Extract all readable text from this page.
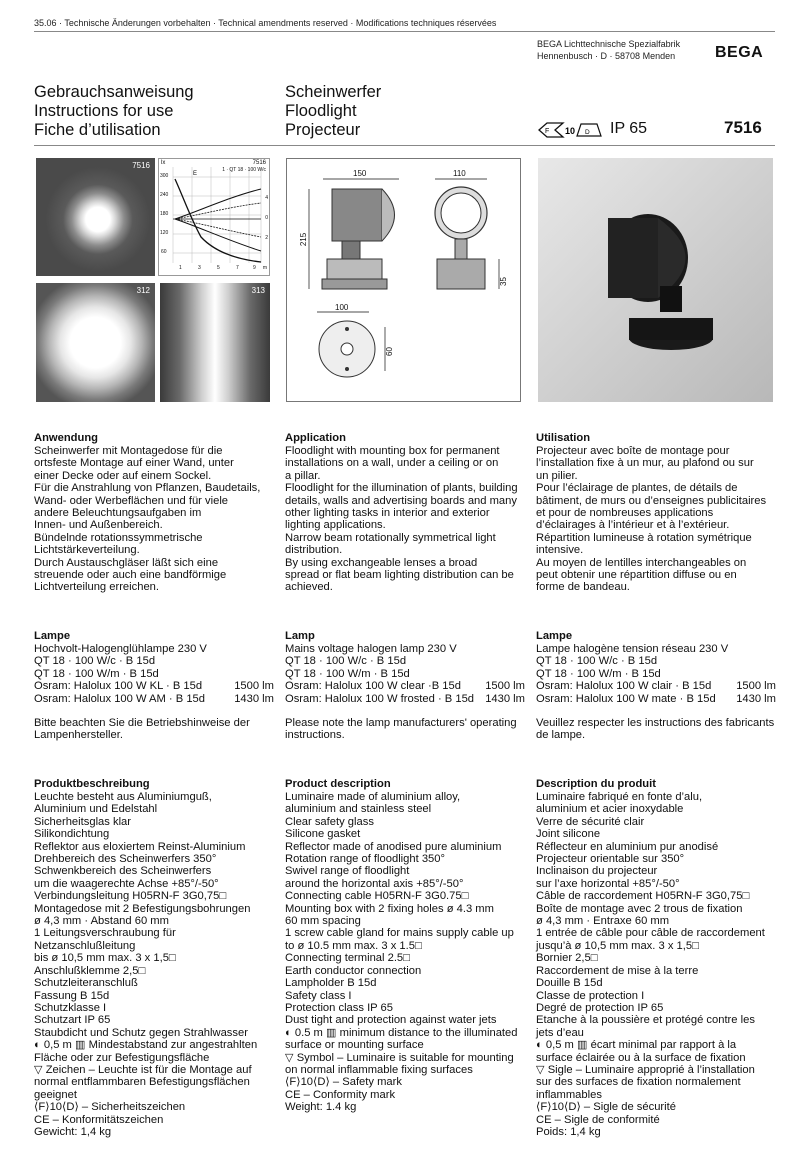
35.06 · Technische Änderungen vorbehalten · Technical amendments reserved · Modifications techniques réservées
BEGA Lichttechnische Spezialfabrik
Hennenbusch · D · 58708 Menden	BEGA
Gebrauchsanweisung
Instructions for use
Fiche d’utilisation
Scheinwerfer
Floodlight
Projecteur	F 10 D IP 65	7516
7516 lx	7516
1 · QT 18 · 100 W/c
E
300
240
180
120
60
4
0
2
1	3	5	7	9 m
312	313
150	110
215
35
100
60
Anwendung

Scheinwerfer mit Montagedose für die
ortsfeste Montage auf einer Wand, unter
einer Decke oder auf einem Sockel.
Für die Anstrahlung von Pflanzen, Baudetails,
Wand- oder Werbeflächen und für viele
andere Beleuchtungsaufgaben im
Innen- und Außenbereich.
Bündelnde rotationssymmetrische
Lichtstärkeverteilung.
Durch Austauschgläser läßt sich eine
streuende oder auch eine bandförmige
Lichtverteilung erreichen.

Lampe
Hochvolt-Halogenglühlampe 230 V
QT 18 · 100 W/c · B 15d
QT 18 · 100 W/m · B 15d
Osram: Halolux 100 W KL · B 15d	1500 lm
Osram: Halolux 100 W AM · B 15d	1430 lm

Bitte beachten Sie die Betriebshinweise der
Lampenhersteller.

Produktbeschreibung

Leuchte besteht aus Aluminiumguß,
Aluminium und Edelstahl
Sicherheitsglas klar
Silikondichtung
Reflektor aus eloxiertem Reinst-Aluminium
Drehbereich des Scheinwerfers 350°
Schwenkbereich des Scheinwerfers
um die waagerechte Achse +85°/-50°
Verbindungsleitung H05RN-F 3G0,75□
Montagedose mit 2 Befestigungsbohrungen
ø 4,3 mm · Abstand 60 mm
1 Leitungsverschraubung für
Netzanschlußleitung
bis ø 10,5 mm max. 3 x 1,5□
Anschlußklemme 2,5□
Schutzleiteranschluß
Fassung B 15d
Schutzklasse I
Schutzart IP 65
Staubdicht und Schutz gegen Strahlwasser
◐ 0,5 m ▥ Mindestabstand zur angestrahlten
Fläche oder zur Befestigungsfläche
▽ Zeichen – Leuchte ist für die Montage auf
normal entflammbaren Befestigungsflächen
geeignet
⟨F⟩10⟨D⟩ – Sicherheitszeichen
CE – Konformitätszeichen
Gewicht: 1,4 kg

Application

Floodlight with mounting box for permanent
installations on a wall, under a ceiling or on
a pillar.
Floodlight for the illumination of plants, building
details, walls and advertising boards and many
other lighting tasks in interior and exterior
lighting applications.
Narrow beam rotationally symmetrical light
distribution.
By using exchangeable lenses a broad
spread or flat beam lighting distribution can be
achieved.

Lamp
Mains voltage halogen lamp 230 V
QT 18 · 100 W/c · B 15d
QT 18 · 100 W/m · B 15d
Osram: Halolux 100 W clear ·B 15d 1500 lm
Osram: Halolux 100 W frosted · B 15d 1430 lm

Please note the lamp manufacturers' operating
instructions.

Product description

Luminaire made of aluminium alloy,
aluminium and stainless steel
Clear safety glass
Silicone gasket
Reflector made of anodised pure aluminium
Rotation range of floodlight 350°
Swivel range of floodlight
around the horizontal axis +85°/-50°
Connecting cable H05RN-F 3G0.75□
Mounting box with 2 fixing holes ø 4.3 mm
60 mm spacing
1 screw cable gland for mains supply cable up
to ø 10.5 mm max. 3 x 1.5□
Connecting terminal 2.5□
Earth conductor connection
Lampholder B 15d
Safety class I
Protection class IP 65
Dust tight and protection against water jets
◐ 0.5 m ▥ minimum distance to the illuminated
surface or mounting surface
▽ Symbol – Luminaire is suitable for mounting
on normal inflammable fixing surfaces
⟨F⟩10⟨D⟩ – Safety mark
CE – Conformity mark
Weight: 1.4 kg

Utilisation

Projecteur avec boîte de montage pour
l’installation fixe à un mur, au plafond ou sur
un pilier.
Pour l’éclairage de plantes, de détails de
bâtiment, de murs ou d’enseignes publicitaires
et pour de nombreuses applications
d’éclairages à l’intérieur et à l’extérieur.
Répartition lumineuse à rotation symétrique
intensive.
Au moyen de lentilles interchangeables on
peut obtenir une répartition diffuse ou en
forme de bandeau.

Lampe
Lampe halogène tension réseau 230 V
QT 18 · 100 W/c · B 15d
QT 18 · 100 W/m · B 15d
Osram: Halolux 100 W clair · B 15d 1500 lm
Osram: Halolux 100 W mate · B 15d 1430 lm

Veuillez respecter les instructions des fabricants
de lampe.

Description du produit

Luminaire fabriqué en fonte d’alu,
aluminium et acier inoxydable
Verre de sécurité clair
Joint silicone
Réflecteur en aluminium pur anodisé
Projecteur orientable sur 350°
Inclinaison du projecteur
sur l’axe horizontal +85°/-50°
Câble de raccordement H05RN-F 3G0,75□
Boîte de montage avec 2 trous de fixation
ø 4,3 mm · Entraxe 60 mm
1 entrée de câble pour câble de raccordement
jusqu’à ø 10,5 mm max. 3 x 1,5□
Bornier 2,5□
Raccordement de mise à la terre
Douille B 15d
Classe de protection I
Degré de protection IP 65
Etanche à la poussière et protégé contre les
jets d’eau
◐ 0,5 m ▥ écart minimal par rapport à la
surface éclairée ou à la surface de fixation
▽ Sigle – Luminaire approprié à l’installation
sur des surfaces de fixation normalement
inflammables
⟨F⟩10⟨D⟩ – Sigle de sécurité
CE – Sigle de conformité
Poids: 1,4 kg
